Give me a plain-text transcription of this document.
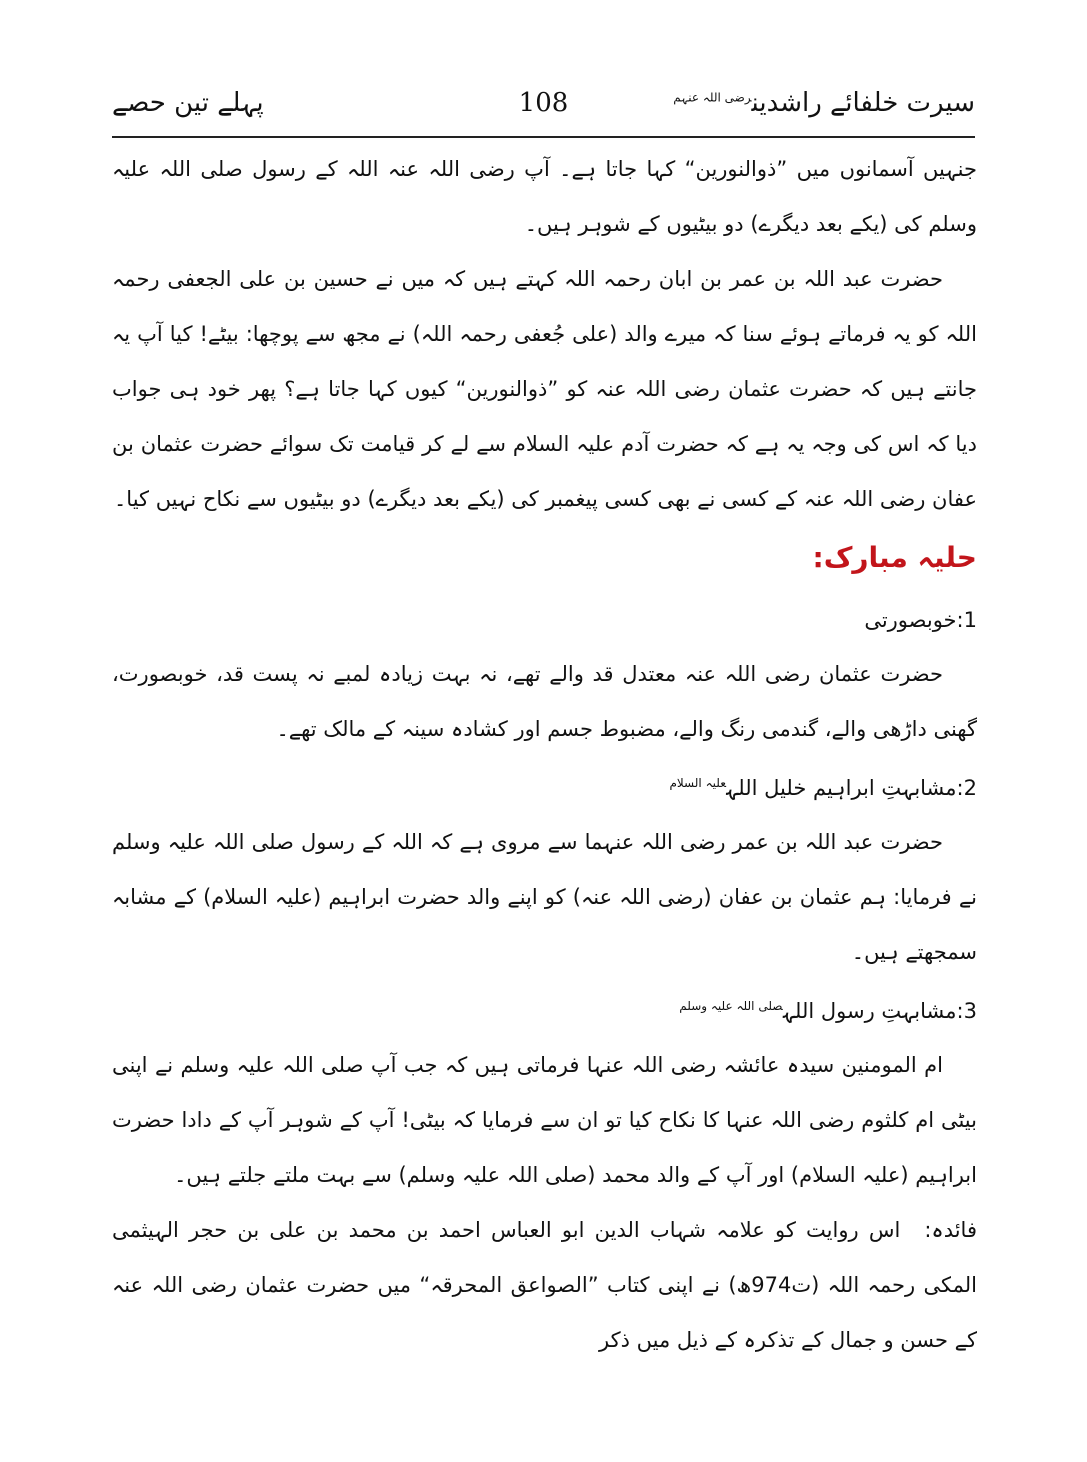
سیرت خلفائے راشدین$^{رضی اللہ عنہم}$
108
پہلے تین حصے

جنہیں آسمانوں میں ”ذوالنورین“ کہا جاتا ہے۔ آپ رضی اللہ عنہ اللہ کے رسول صلی اللہ علیہ وسلم کی (یکے بعد دیگرے) دو بیٹیوں کے شوہر ہیں۔

حضرت عبد اللہ بن عمر بن ابان رحمہ اللہ کہتے ہیں کہ میں نے حسین بن علی الجعفی رحمہ اللہ کو یہ فرماتے ہوئے سنا کہ میرے والد (علی جُعفی رحمہ اللہ) نے مجھ سے پوچھا: بیٹے! کیا آپ یہ جانتے ہیں کہ حضرت عثمان رضی اللہ عنہ کو ”ذوالنورین“ کیوں کہا جاتا ہے؟ پھر خود ہی جواب دیا کہ اس کی وجہ یہ ہے کہ حضرت آدم علیہ السلام سے لے کر قیامت تک سوائے حضرت عثمان بن عفان رضی اللہ عنہ کے کسی نے بھی کسی پیغمبر کی (یکے بعد دیگرے) دو بیٹیوں سے نکاح نہیں کیا۔

حلیہ مبارک:
1:خوبصورتی

حضرت عثمان رضی اللہ عنہ معتدل قد والے تھے، نہ بہت زیادہ لمبے نہ پست قد، خوبصورت، گھنی داڑھی والے، گندمی رنگ والے، مضبوط جسم اور کشادہ سینہ کے مالک تھے۔

2:مشابہتِ ابراہیم خلیل اللہ$^{علیہ السلام}$

حضرت عبد اللہ بن عمر رضی اللہ عنہما سے مروی ہے کہ اللہ کے رسول صلی اللہ علیہ وسلم نے فرمایا: ہم عثمان بن عفان (رضی اللہ عنہ) کو اپنے والد حضرت ابراہیم (علیہ السلام) کے مشابہ سمجھتے ہیں۔

3:مشابہتِ رسول اللہ$^{صلی اللہ علیہ وسلم}$

ام المومنین سیدہ عائشہ رضی اللہ عنہا فرماتی ہیں کہ جب آپ صلی اللہ علیہ وسلم نے اپنی بیٹی ام کلثوم رضی اللہ عنہا کا نکاح کیا تو ان سے فرمایا کہ بیٹی! آپ کے شوہر آپ کے دادا حضرت ابراہیم (علیہ السلام) اور آپ کے والد محمد (صلی اللہ علیہ وسلم) سے بہت ملتے جلتے ہیں۔

فائدہ:اس روایت کو علامہ شہاب الدین ابو العباس احمد بن محمد بن علی بن حجر الہیثمی المکی رحمہ اللہ (ت974ھ) نے اپنی کتاب ”الصواعق المحرقہ“ میں حضرت عثمان رضی اللہ عنہ کے حسن و جمال کے تذکرہ کے ذیل میں ذکر
